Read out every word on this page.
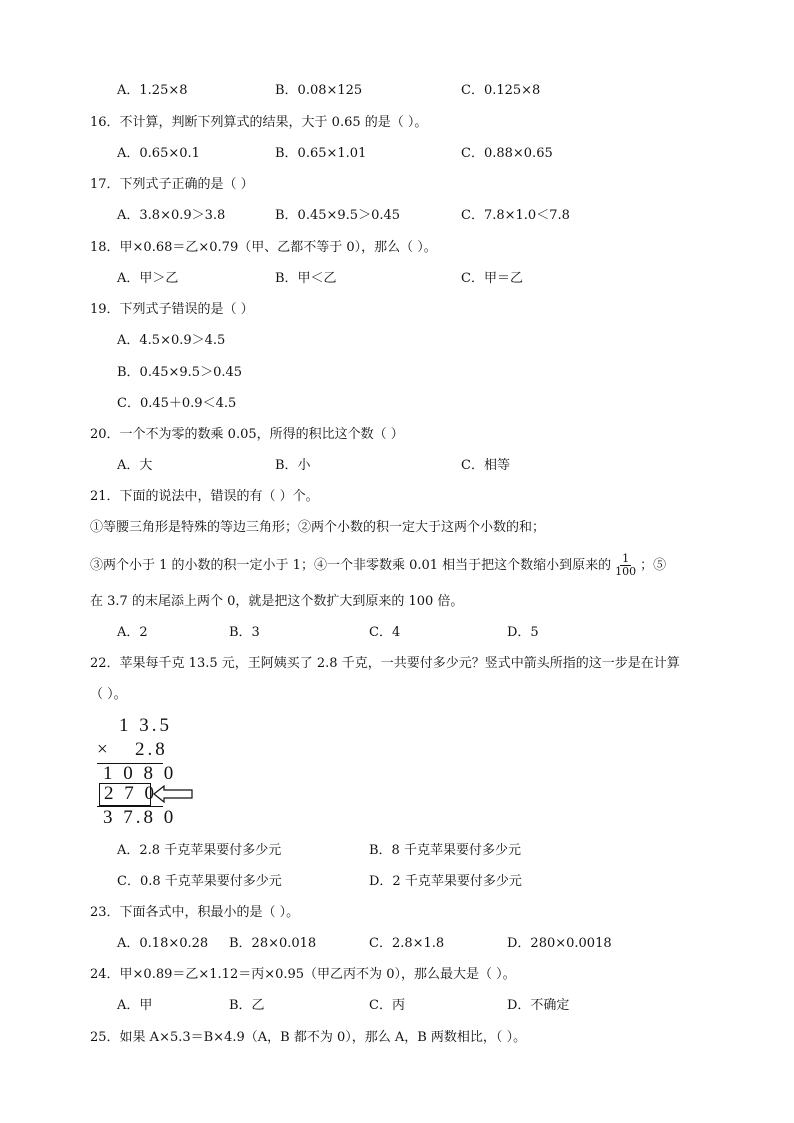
A．1.25×8	B．0.08×125	C．0.125×8
16．不计算，判断下列算式的结果，大于 0.65 的是（ ）。
A．0.65×0.1	B．0.65×1.01	C．0.88×0.65
17．下列式子正确的是（ ）
A．3.8×0.9＞3.8	B．0.45×9.5＞0.45	C．7.8×1.0＜7.8
18．甲×0.68＝乙×0.79（甲、乙都不等于 0），那么（ ）。
A．甲＞乙	B．甲＜乙	C．甲＝乙
19．下列式子错误的是（ ）
A．4.5×0.9＞4.5
B．0.45×9.5＞0.45
C．0.45＋0.9＜4.5
20．一个不为零的数乘 0.05，所得的积比这个数（ ）
A．大	B．小	C．相等
21．下面的说法中，错误的有（ ）个。
①等腰三角形是特殊的等边三角形；②两个小数的积一定大于这两个小数的和；
③两个小于 1 的小数的积一定小于 1；④一个非零数乘 0.01 相当于把这个数缩小到原来的 $\frac{1}{100}$ ；⑤
在 3.7 的末尾添上两个 0，就是把这个数扩大到原来的 100 倍。
A．2	B．3	C．4	D．5
22．苹果每千克 13.5 元，王阿姨买了 2.8 千克，一共要付多少元？竖式中箭头所指的这一步是在计算
（ ）。
1 3.5
× 2.8
1 0 8 0
2 7 0
3 7.8 0
A．2.8 千克苹果要付多少元	B．8 千克苹果要付多少元
C．0.8 千克苹果要付多少元	D．2 千克苹果要付多少元
23．下面各式中，积最小的是（ ）。
A．0.18×0.28 B．28×0.018	C．2.8×1.8	D．280×0.0018
24．甲×0.89＝乙×1.12＝丙×0.95（甲乙丙不为 0），那么最大是（ ）。
A．甲	B．乙	C．丙	D．不确定
25．如果 A×5.3＝B×4.9（A，B 都不为 0），那么 A，B 两数相比，（ ）。
